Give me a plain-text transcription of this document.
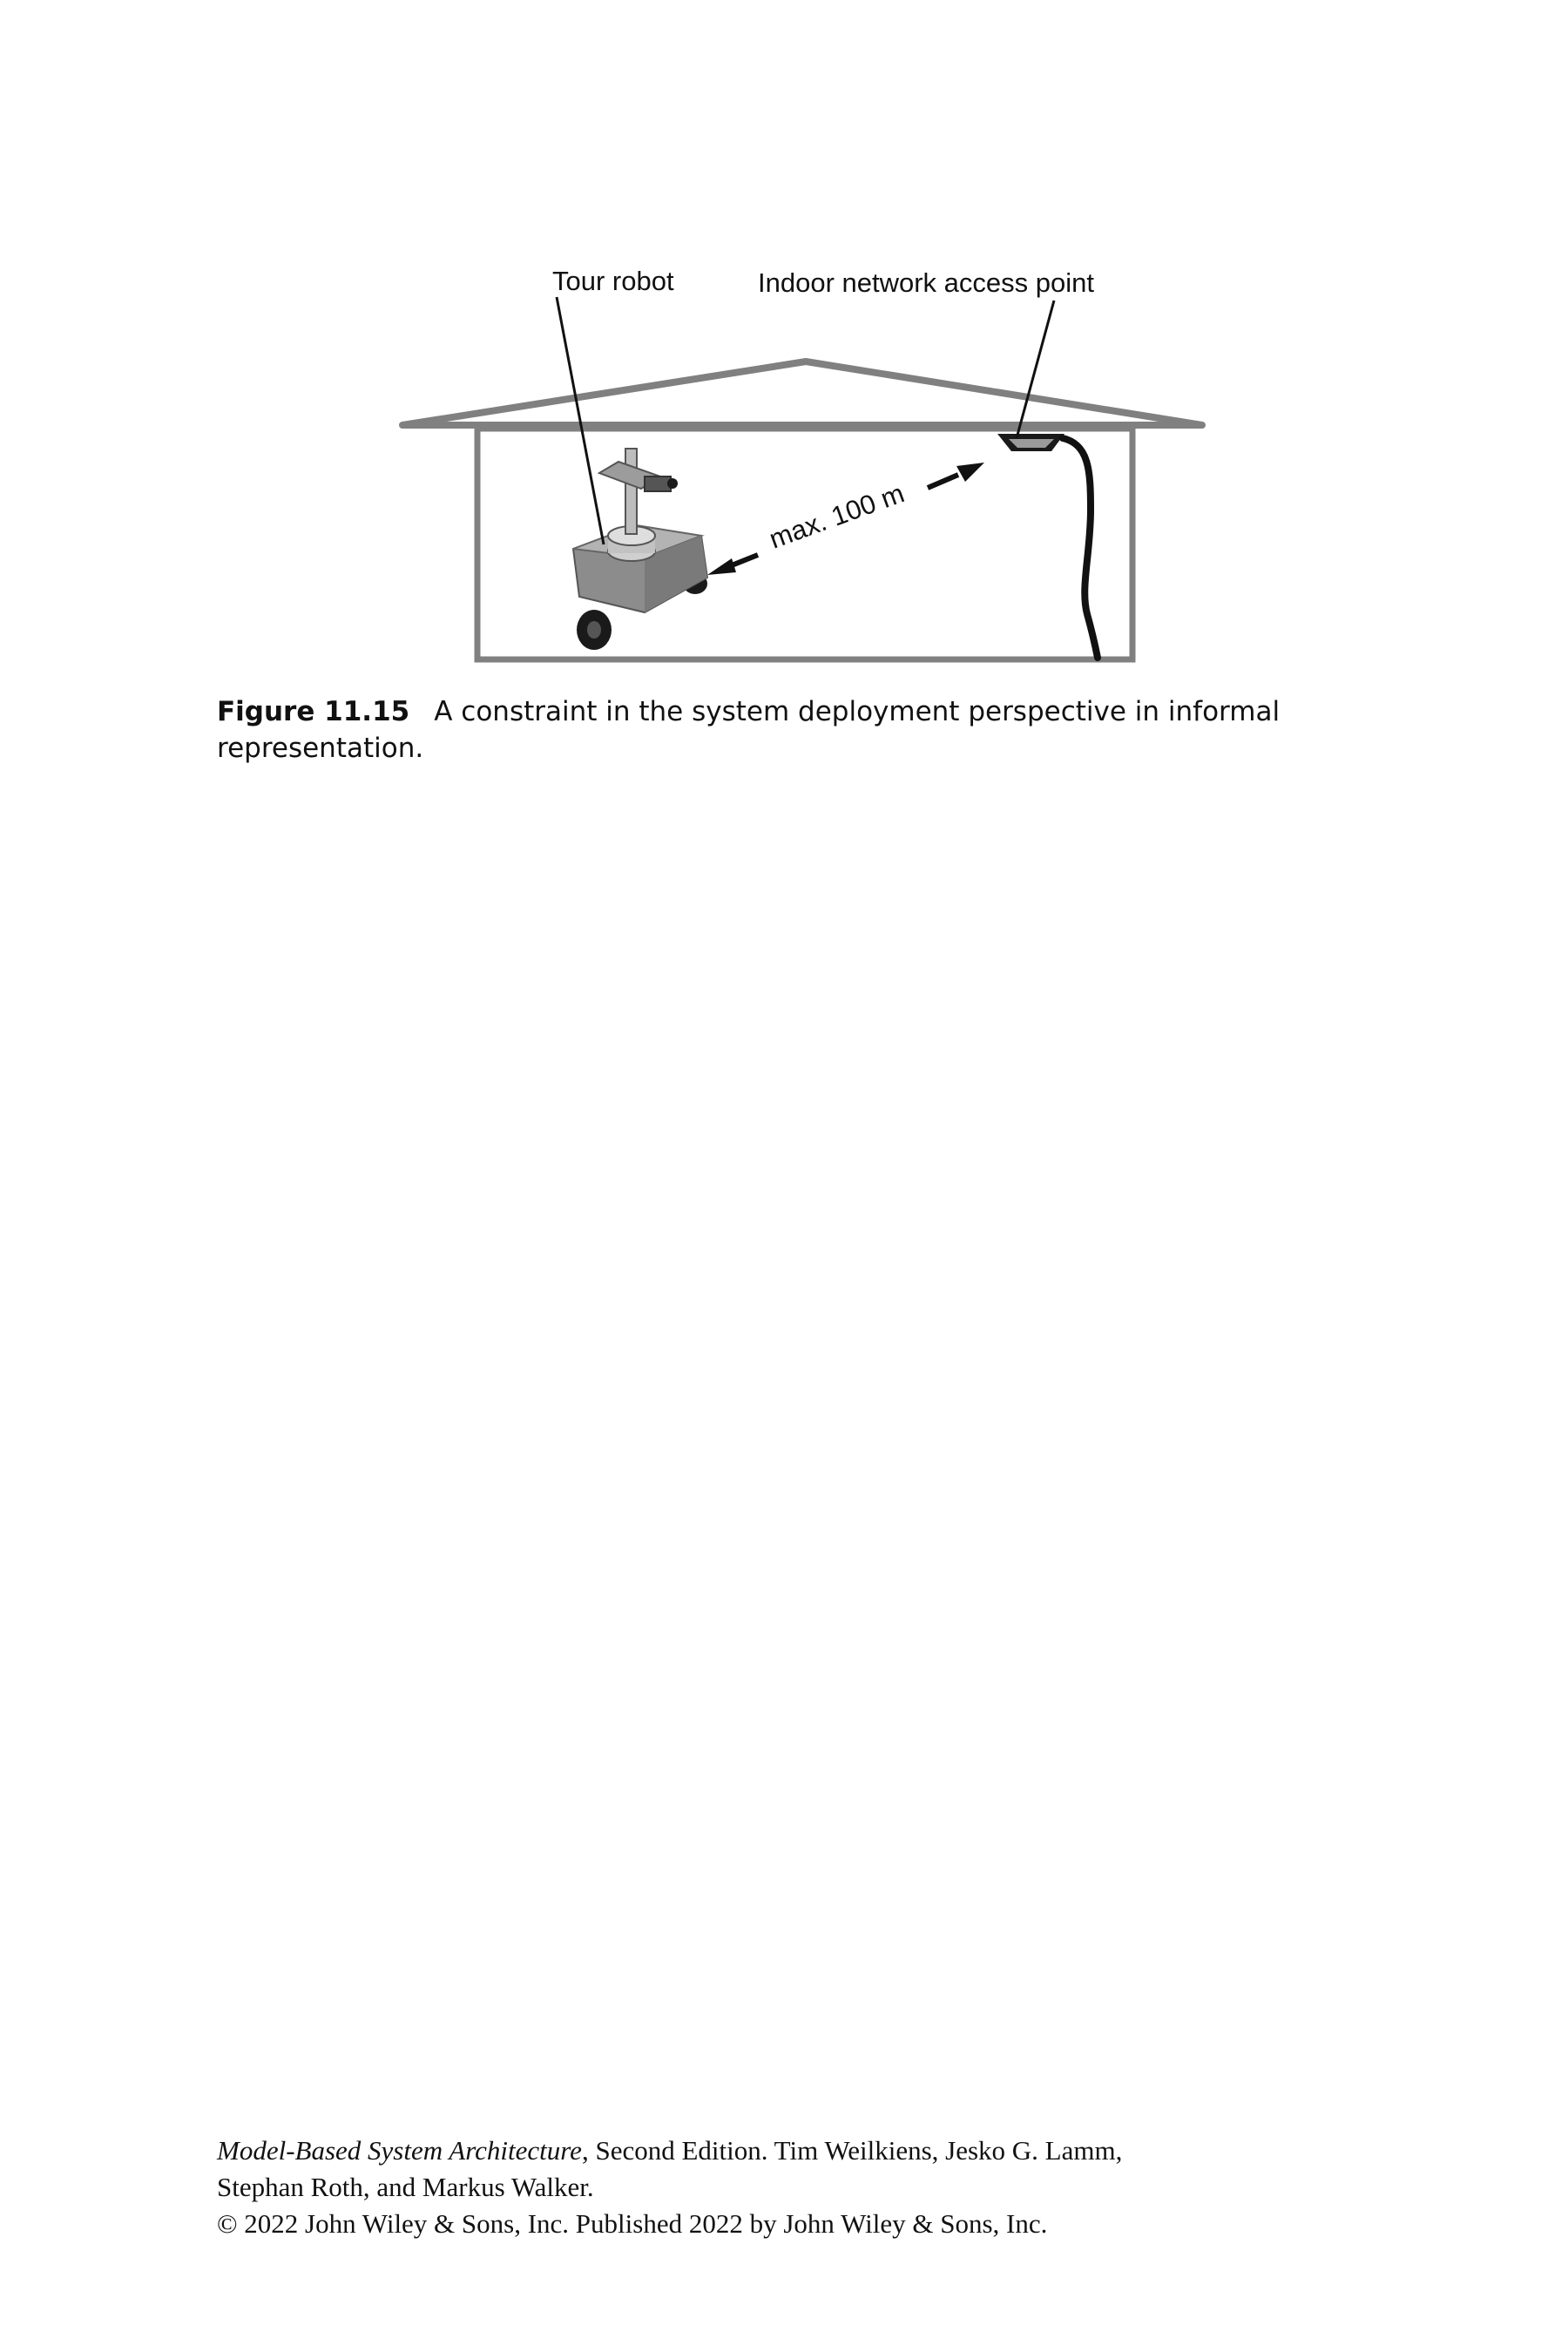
Tour robot	Indoor network access point
max. 100 m
Figure 11.15 A constraint in the system deployment perspective in informal representation.
Model-Based System Architecture, Second Edition. Tim Weilkiens, Jesko G. Lamm,
Stephan Roth, and Markus Walker.
© 2022 John Wiley & Sons, Inc. Published 2022 by John Wiley & Sons, Inc.
